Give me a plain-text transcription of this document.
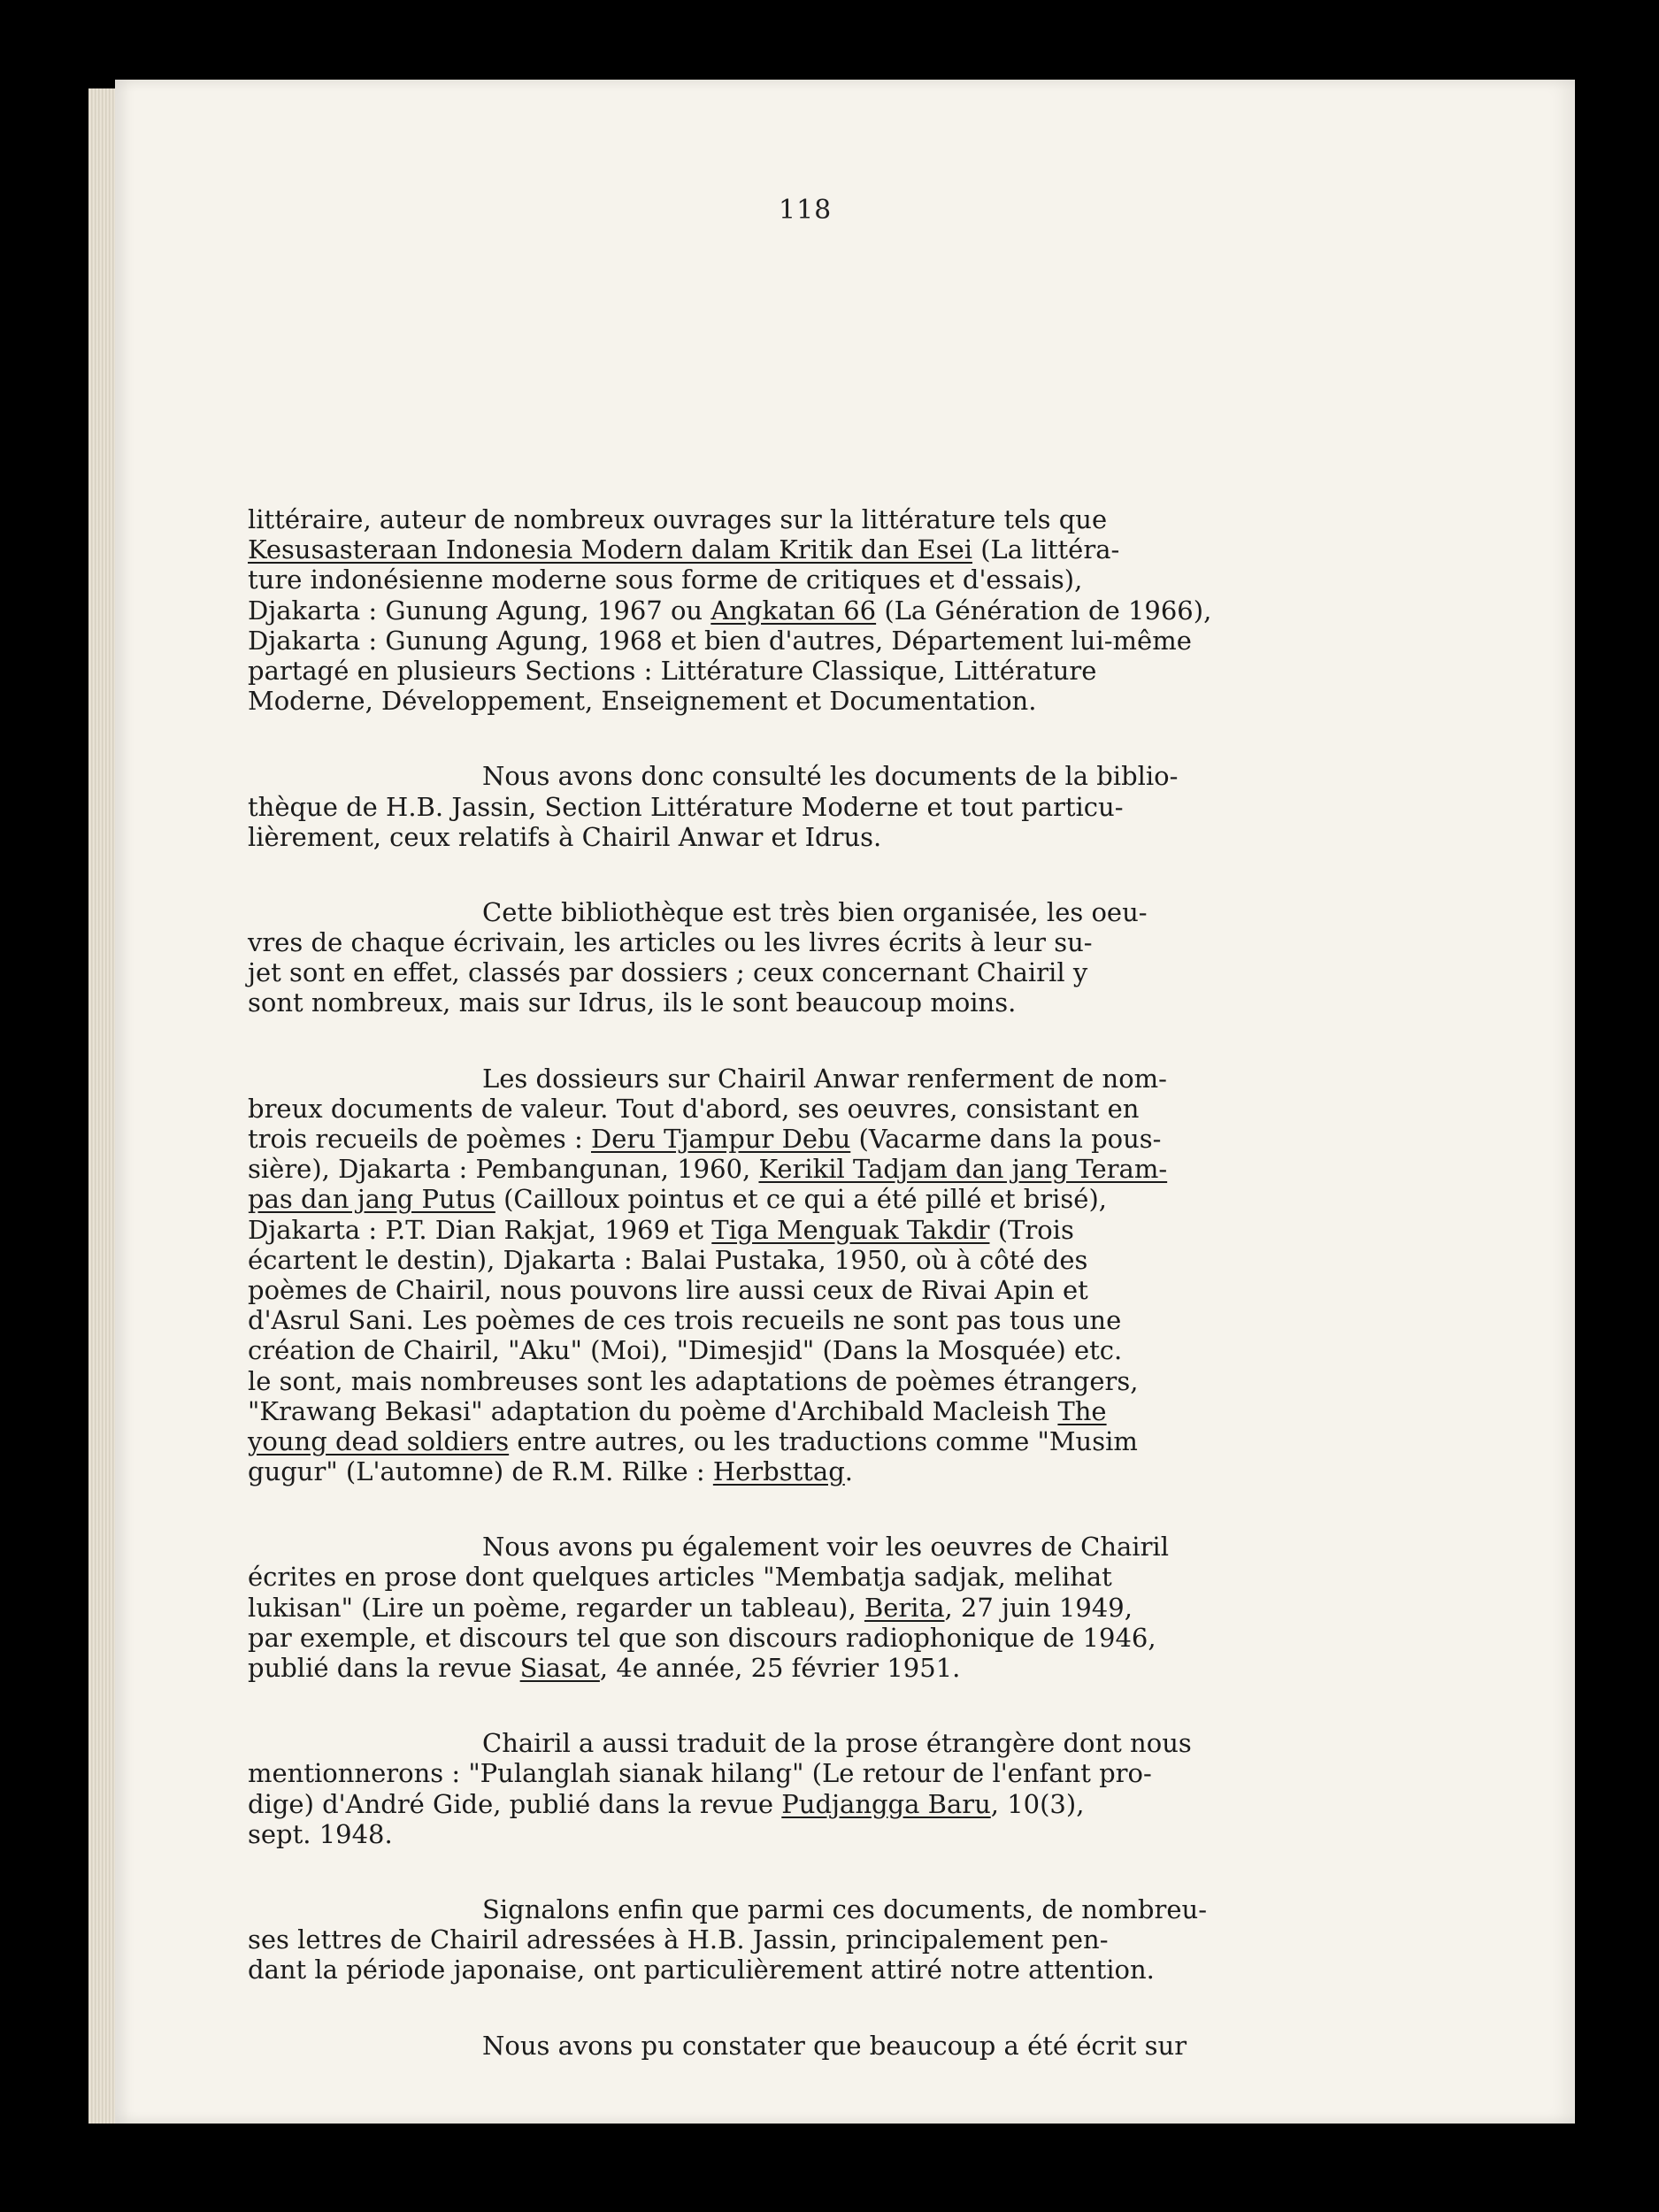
118
littéraire, auteur de nombreux ouvrages sur la littérature tels que
Kesusasteraan Indonesia Modern dalam Kritik dan Esei (La littéra-
ture indonésienne moderne sous forme de critiques et d'essais),
Djakarta : Gunung Agung, 1967 ou Angkatan 66 (La Génération de 1966),
Djakarta : Gunung Agung, 1968 et bien d'autres, Département lui-même
partagé en plusieurs Sections : Littérature Classique, Littérature
Moderne, Développement, Enseignement et Documentation.
Nous avons donc consulté les documents de la biblio-
thèque de H.B. Jassin, Section Littérature Moderne et tout particu-
lièrement, ceux relatifs à Chairil Anwar et Idrus.
Cette bibliothèque est très bien organisée, les oeu-
vres de chaque écrivain, les articles ou les livres écrits à leur su-
jet sont en effet, classés par dossiers ; ceux concernant Chairil y
sont nombreux, mais sur Idrus, ils le sont beaucoup moins.
Les dossieurs sur Chairil Anwar renferment de nom-
breux documents de valeur. Tout d'abord, ses oeuvres, consistant en
trois recueils de poèmes : Deru Tjampur Debu (Vacarme dans la pous-
sière), Djakarta : Pembangunan, 1960, Kerikil Tadjam dan jang Teram-
pas dan jang Putus (Cailloux pointus et ce qui a été pillé et brisé),
Djakarta : P.T. Dian Rakjat, 1969 et Tiga Menguak Takdir (Trois
écartent le destin), Djakarta : Balai Pustaka, 1950, où à côté des
poèmes de Chairil, nous pouvons lire aussi ceux de Rivai Apin et
d'Asrul Sani. Les poèmes de ces trois recueils ne sont pas tous une
création de Chairil, "Aku" (Moi), "Dimesjid" (Dans la Mosquée) etc.
le sont, mais nombreuses sont les adaptations de poèmes étrangers,
"Krawang Bekasi" adaptation du poème d'Archibald Macleish The
young dead soldiers entre autres, ou les traductions comme "Musim
gugur" (L'automne) de R.M. Rilke : Herbsttag.
Nous avons pu également voir les oeuvres de Chairil
écrites en prose dont quelques articles "Membatja sadjak, melihat
lukisan" (Lire un poème, regarder un tableau), Berita, 27 juin 1949,
par exemple, et discours tel que son discours radiophonique de 1946,
publié dans la revue Siasat, 4e année, 25 février 1951.
Chairil a aussi traduit de la prose étrangère dont nous
mentionnerons : "Pulanglah sianak hilang" (Le retour de l'enfant pro-
dige) d'André Gide, publié dans la revue Pudjangga Baru, 10(3),
sept. 1948.
Signalons enfin que parmi ces documents, de nombreu-
ses lettres de Chairil adressées à H.B. Jassin, principalement pen-
dant la période japonaise, ont particulièrement attiré notre attention.
Nous avons pu constater que beaucoup a été écrit sur
